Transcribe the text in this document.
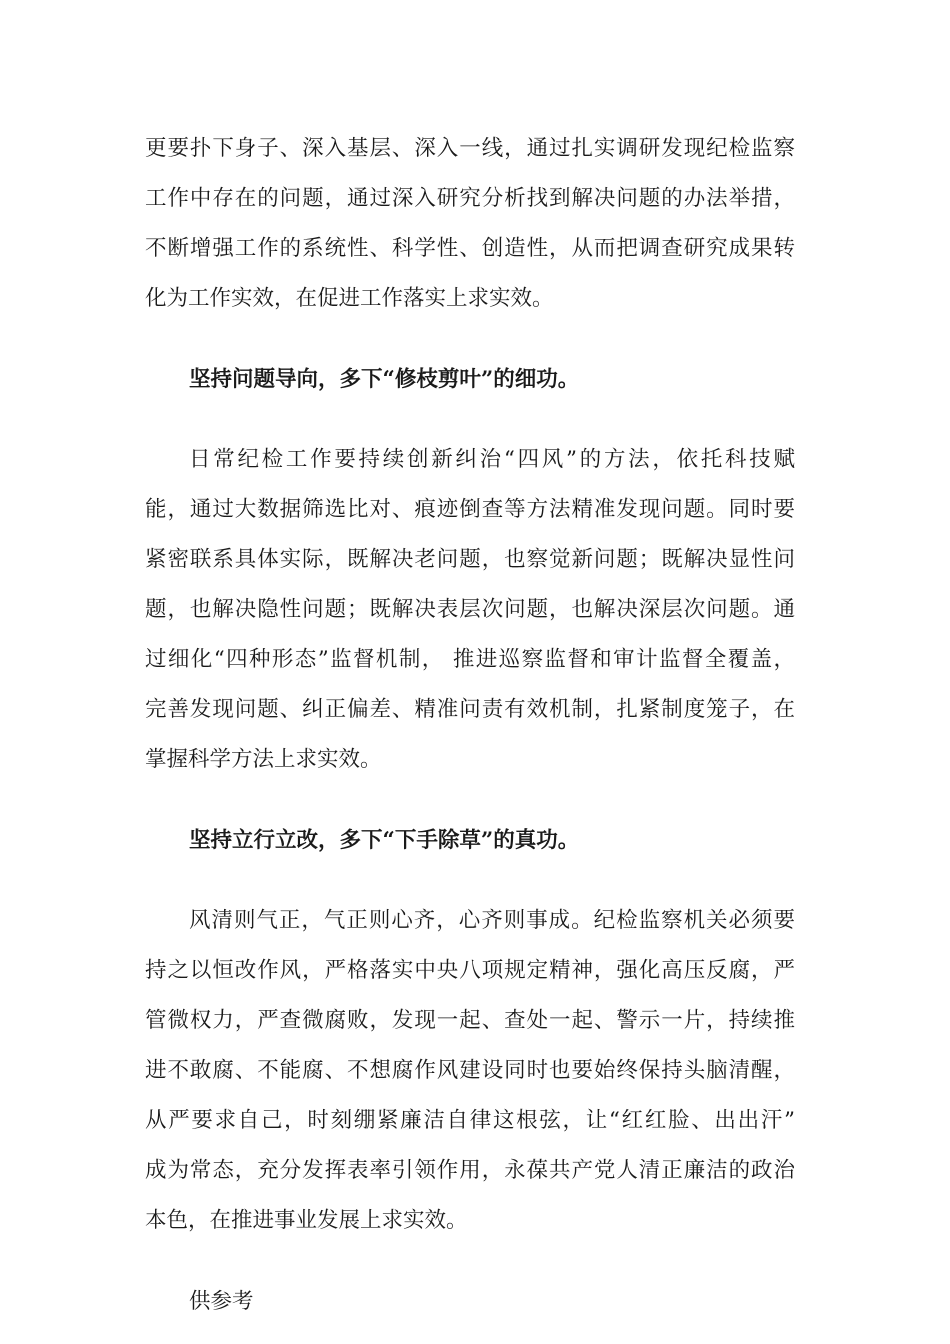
更要扑下身子、深入基层、深入一线，通过扎实调研发现纪检监察
工作中存在的问题，通过深入研究分析找到解决问题的办法举措，
不断增强工作的系统性、科学性、创造性，从而把调查研究成果转
化为工作实效，在促进工作落实上求实效。
坚持问题导向，多下“修枝剪叶”的细功。
日常纪检工作要持续创新纠治“四风”的方法，依托科技赋
能，通过大数据筛选比对、痕迹倒查等方法精准发现问题。同时要
紧密联系具体实际，既解决老问题，也察觉新问题；既解决显性问
题，也解决隐性问题；既解决表层次问题，也解决深层次问题。通
过细化“四种形态”监督机制， 推进巡察监督和审计监督全覆盖，
完善发现问题、纠正偏差、精准问责有效机制，扎紧制度笼子，在
掌握科学方法上求实效。
坚持立行立改，多下“下手除草”的真功。
风清则气正，气正则心齐，心齐则事成。纪检监察机关必须要
持之以恒改作风，严格落实中央八项规定精神，强化高压反腐，严
管微权力，严查微腐败，发现一起、查处一起、警示一片，持续推
进不敢腐、不能腐、不想腐作风建设同时也要始终保持头脑清醒，
从严要求自己，时刻绷紧廉洁自律这根弦，让“红红脸、出出汗”
成为常态，充分发挥表率引领作用，永葆共产党人清正廉洁的政治
本色，在推进事业发展上求实效。
供参考
